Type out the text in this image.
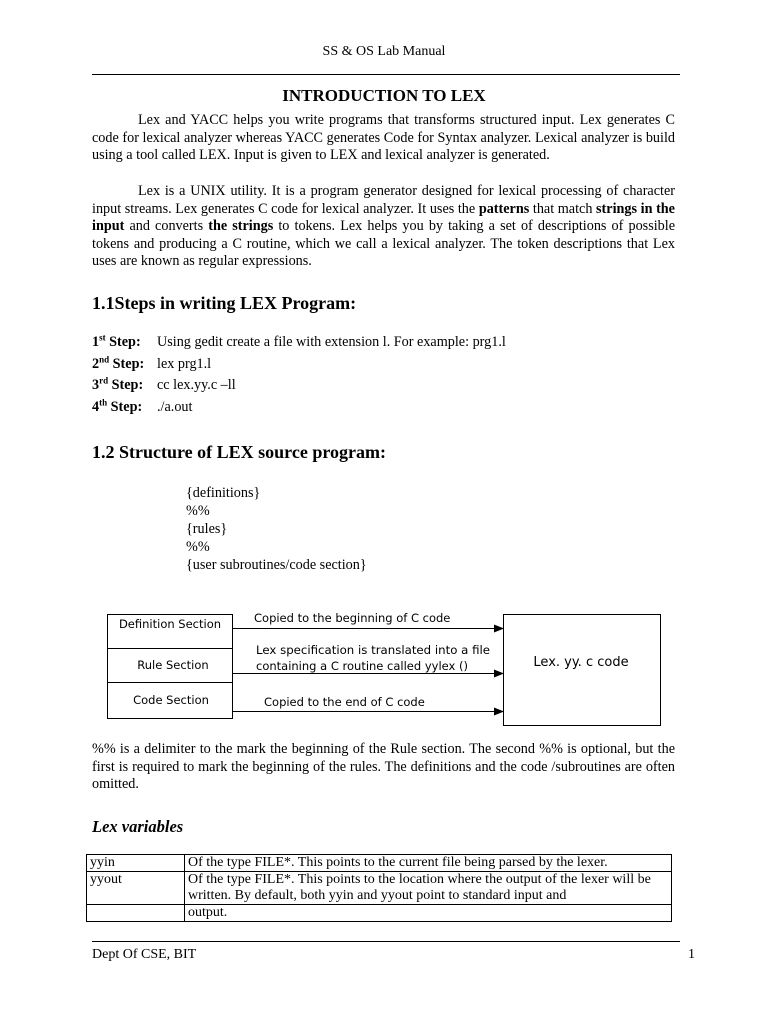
SS & OS Lab Manual
INTRODUCTION TO LEX
Lex and YACC helps you write programs that transforms structured input. Lex generates C code for lexical analyzer whereas YACC generates Code for Syntax analyzer. Lexical analyzer is build using a tool called LEX. Input is given to LEX and lexical analyzer is generated.
Lex is a UNIX utility. It is a program generator designed for lexical processing of character input streams. Lex generates C code for lexical analyzer. It uses the patterns that match strings in the input and converts the strings to tokens. Lex helps you by taking a set of descriptions of possible tokens and producing a C routine, which we call a lexical analyzer. The token descriptions that Lex uses are known as regular expressions.
1.1Steps in writing LEX Program:
1st Step: Using gedit create a file with extension l. For example: prg1.l
2nd Step: lex prg1.l
3rd Step: cc lex.yy.c –ll
4th Step: ./a.out
1.2 Structure of LEX source program:
{definitions}
%%
{rules}
%%
{user subroutines/code section}
Definition Section
Rule Section
Code Section
Copied to the beginning of C code
Lex specification is translated into a file
containing a C routine called yylex ()
Copied to the end of C code
Lex. yy. c code
%% is a delimiter to the mark the beginning of the Rule section. The second %% is optional, but the first is required to mark the beginning of the rules. The definitions and the code /subroutines are often omitted.
Lex variables
yyin	Of the type FILE*. This points to the current file being parsed by the lexer.
yyout	Of the type FILE*. This points to the location where the output of the lexer will be written. By default, both yyin and yyout point to standard input and
	output.
Dept Of CSE, BIT	1
